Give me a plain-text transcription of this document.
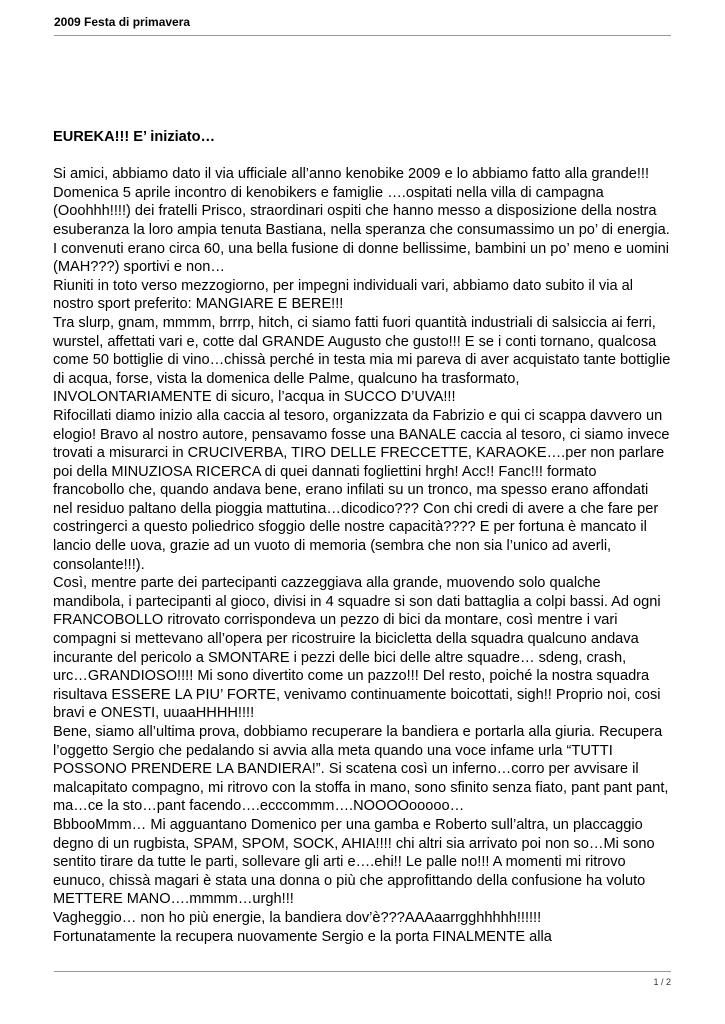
2009 Festa di primavera

EUREKA!!! E’ iniziato…

Si amici, abbiamo dato il via ufficiale all’anno kenobike 2009 e lo abbiamo fatto alla grande!!!

Domenica 5 aprile incontro di kenobikers e famiglie ….ospitati nella villa di campagna

(Ooohhh!!!!) dei fratelli Prisco, straordinari ospiti che hanno messo a disposizione della nostra

esuberanza la loro ampia tenuta Bastiana, nella speranza che consumassimo un po’ di energia.

I convenuti erano circa 60, una bella fusione di donne bellissime, bambini un po’ meno e uomini

(MAH???) sportivi e non…

Riuniti in toto verso mezzogiorno, per impegni individuali vari, abbiamo dato subito il via al

nostro sport preferito: MANGIARE E BERE!!!

Tra slurp, gnam, mmmm, brrrp, hitch, ci siamo fatti fuori quantità industriali di salsiccia ai ferri,

wurstel, affettati vari e, cotte dal GRANDE Augusto che gusto!!! E se i conti tornano, qualcosa

come 50 bottiglie di vino…chissà perché in testa mia mi pareva di aver acquistato tante bottiglie

di acqua, forse, vista la domenica delle Palme, qualcuno ha trasformato,

INVOLONTARIAMENTE di sicuro, l’acqua in SUCCO D’UVA!!!

Rifocillati diamo inizio alla caccia al tesoro, organizzata da Fabrizio e qui ci scappa davvero un

elogio! Bravo al nostro autore, pensavamo fosse una BANALE caccia al tesoro, ci siamo invece

trovati a misurarci in CRUCIVERBA, TIRO DELLE FRECCETTE, KARAOKE….per non parlare

poi della MINUZIOSA RICERCA di quei dannati fogliettini hrgh! Acc!! Fanc!!! formato

francobollo che, quando andava bene, erano infilati su un tronco, ma spesso erano affondati

nel residuo paltano della pioggia mattutina…dicodico??? Con chi credi di avere a che fare per

costringerci a questo poliedrico sfoggio delle nostre capacità???? E per fortuna è mancato il

lancio delle uova, grazie ad un vuoto di memoria (sembra che non sia l’unico ad averli,

consolante!!!).

Così, mentre parte dei partecipanti cazzeggiava alla grande, muovendo solo qualche

mandibola, i partecipanti al gioco, divisi in 4 squadre si son dati battaglia a colpi bassi. Ad ogni

FRANCOBOLLO ritrovato corrispondeva un pezzo di bici da montare, così mentre i vari

compagni si mettevano all’opera per ricostruire la bicicletta della squadra qualcuno andava

incurante del pericolo a SMONTARE i pezzi delle bici delle altre squadre… sdeng, crash,

urc…GRANDIOSO!!!! Mi sono divertito come un pazzo!!! Del resto, poiché la nostra squadra

risultava ESSERE LA PIU’ FORTE, venivamo continuamente boicottati, sigh!! Proprio noi, cosi

bravi e ONESTI, uuaaHHHH!!!!

Bene, siamo all’ultima prova, dobbiamo recuperare la bandiera e portarla alla giuria. Recupera

l’oggetto Sergio che pedalando si avvia alla meta quando una voce infame urla “TUTTI

POSSONO PRENDERE LA BANDIERA!”. Si scatena così un inferno…corro per avvisare il

malcapitato compagno, mi ritrovo con la stoffa in mano, sono sfinito senza fiato, pant pant pant,

ma…ce la sto…pant facendo….ecccommm….NOOOOooooo…

BbbooMmm… Mi agguantano Domenico per una gamba e Roberto sull’altra, un placcaggio

degno di un rugbista, SPAM, SPOM, SOCK, AHIA!!!! chi altri sia arrivato poi non so…Mi sono

sentito tirare da tutte le parti, sollevare gli arti e….ehi!! Le palle no!!! A momenti mi ritrovo

eunuco, chissà magari è stata una donna o più che approfittando della confusione ha voluto

METTERE MANO….mmmm…urgh!!!

Vagheggio… non ho più energie, la bandiera dov’è???AAAaarrgghhhhh!!!!!!

Fortunatamente la recupera nuovamente Sergio e la porta FINALMENTE alla

1 / 2
